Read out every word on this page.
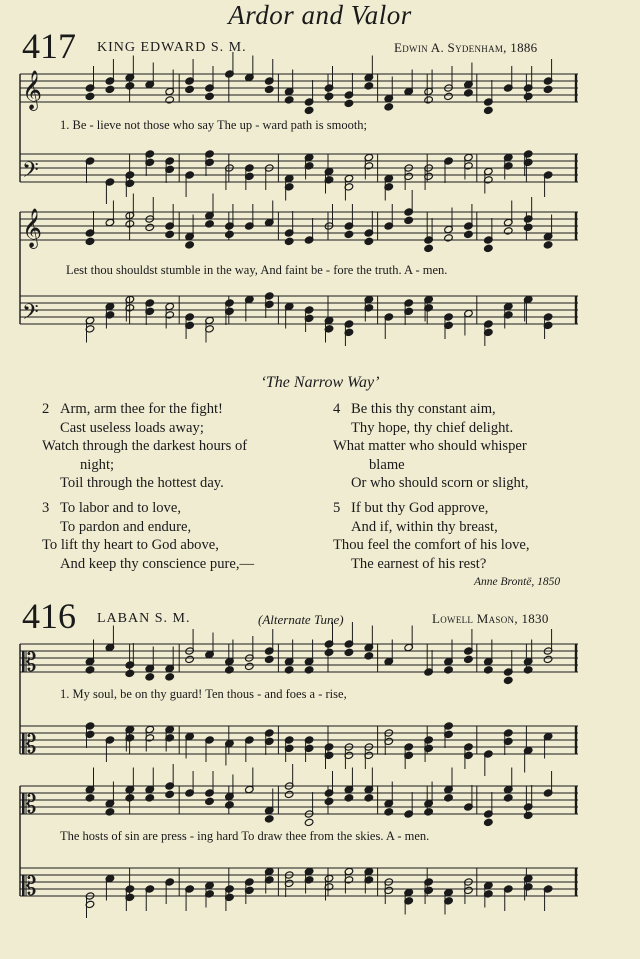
Ardor and Valor
417 KING EDWARD S. M.	Edwin A. Sydenham, 1886
𝄞
𝄢
1. Be - lieve not those who say The up - ward path is smooth;
𝄞
𝄢
Lest thou shouldst stumble in the way, And faint be - fore the truth. A - men.
‘The Narrow Way’
2 Arm, arm thee for the fight!
Cast useless loads away;
Watch through the darkest hours of
night;
Toil through the hottest day.
3 To labor and to love,
To pardon and endure,
To lift thy heart to God above,
And keep thy conscience pure,—
4 Be this thy constant aim,
Thy hope, thy chief delight.
What matter who should whisper
blame
Or who should scorn or slight,
5 If but thy God approve,
And if, within thy breast,
Thou feel the comfort of his love,
The earnest of his rest?
Anne Brontë, 1850
416 LABAN S. M.	(Alternate Tune)	Lowell Mason, 1830
𝄡
𝄡
1. My soul, be on thy guard! Ten thous - and foes a - rise,
𝄡
𝄡
The hosts of sin are press - ing hard To draw thee from the skies. A - men.
